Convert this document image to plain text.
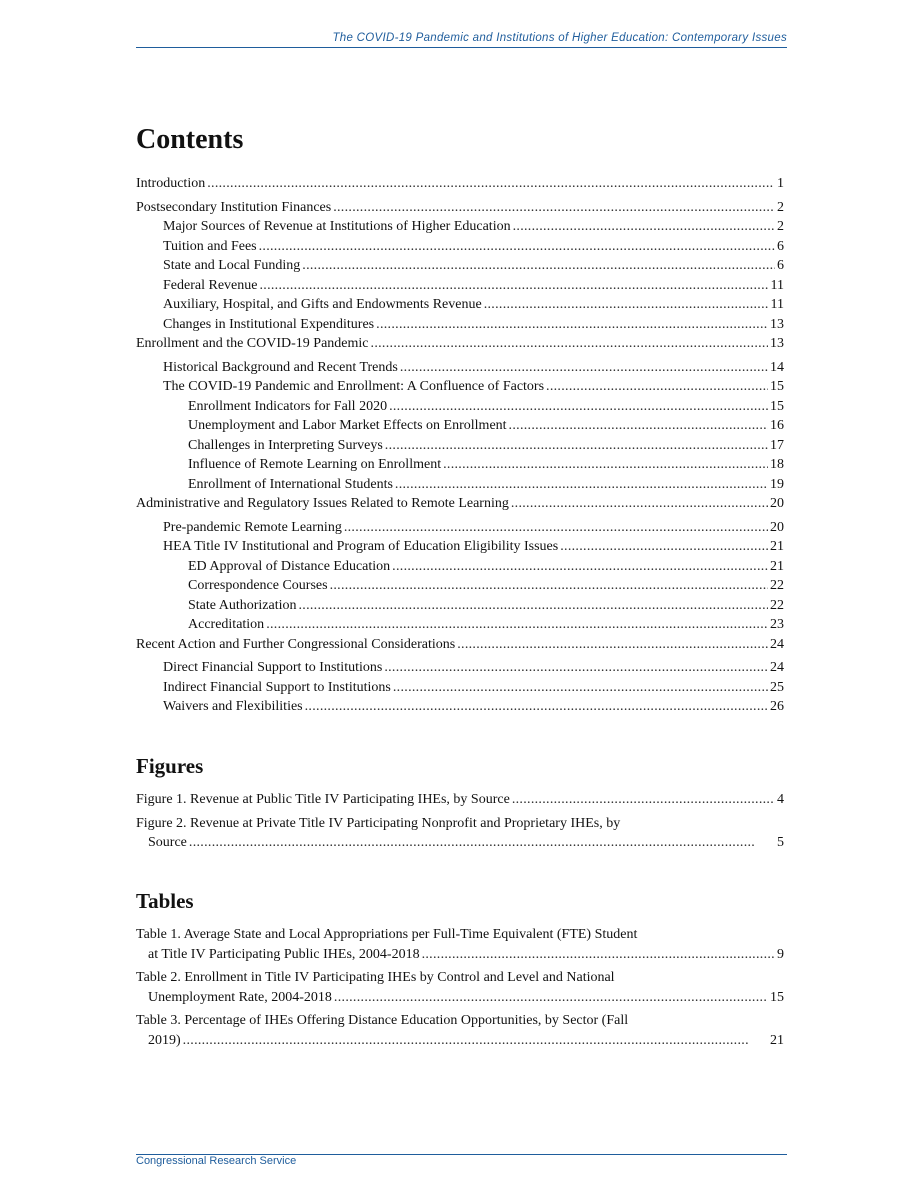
The COVID-19 Pandemic and Institutions of Higher Education: Contemporary Issues
Contents
Introduction . . .	1
Postsecondary Institution Finances . . .	2
Major Sources of Revenue at Institutions of Higher Education . . .	2
Tuition and Fees . . .	6
State and Local Funding . . .	6
Federal Revenue . . .	11
Auxiliary, Hospital, and Gifts and Endowments Revenue . . .	11
Changes in Institutional Expenditures . . .	13
Enrollment and the COVID-19 Pandemic . . .	13
Historical Background and Recent Trends . . .	14
The COVID-19 Pandemic and Enrollment: A Confluence of Factors . . .	15
Enrollment Indicators for Fall 2020 . . .	15
Unemployment and Labor Market Effects on Enrollment . . .	16
Challenges in Interpreting Surveys . . .	17
Influence of Remote Learning on Enrollment . . .	18
Enrollment of International Students . . .	19
Administrative and Regulatory Issues Related to Remote Learning . . .	20
Pre-pandemic Remote Learning . . .	20
HEA Title IV Institutional and Program of Education Eligibility Issues . . .	21
ED Approval of Distance Education . . .	21
Correspondence Courses . . .	22
State Authorization . . .	22
Accreditation . . .	23
Recent Action and Further Congressional Considerations . . .	24
Direct Financial Support to Institutions . . .	24
Indirect Financial Support to Institutions . . .	25
Waivers and Flexibilities . . .	26
Figures
Figure 1. Revenue at Public Title IV Participating IHEs, by Source . . .	4
Figure 2. Revenue at Private Title IV Participating Nonprofit and Proprietary IHEs, by
Source . . .	5
Tables
Table 1. Average State and Local Appropriations per Full-Time Equivalent (FTE) Student
at Title IV Participating Public IHEs, 2004-2018 . . .	9
Table 2. Enrollment in Title IV Participating IHEs by Control and Level and National
Unemployment Rate, 2004-2018 . . .	15
Table 3. Percentage of IHEs Offering Distance Education Opportunities, by Sector (Fall
2019) . . .	21
Congressional Research Service
